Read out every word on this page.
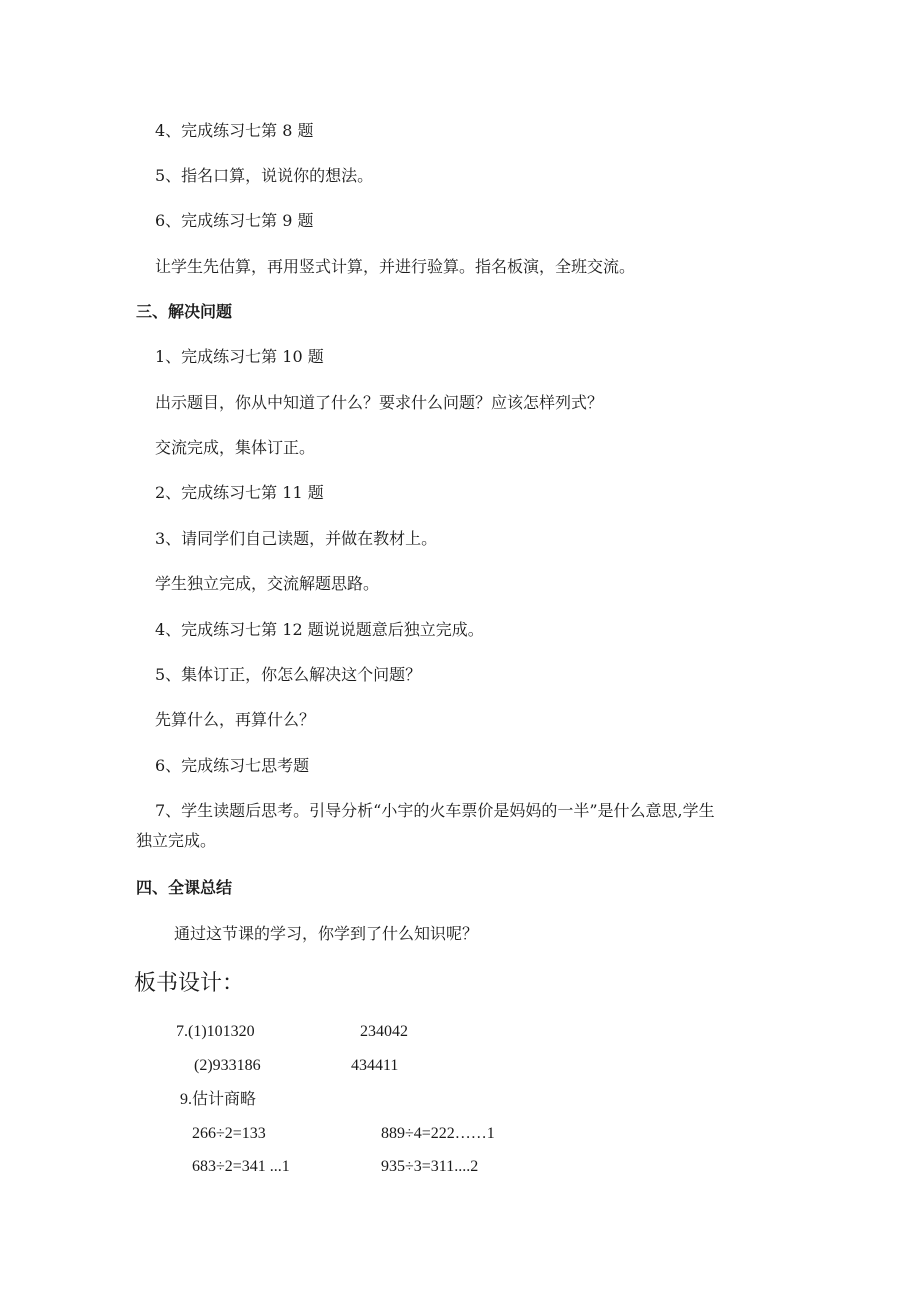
4、完成练习七第 8 题
5、指名口算，说说你的想法。
6、完成练习七第 9 题
让学生先估算，再用竖式计算，并进行验算。指名板演，全班交流。
三、解决问题
1、完成练习七第 10 题
出示题目，你从中知道了什么？要求什么问题？应该怎样列式？
交流完成，集体订正。
2、完成练习七第 11 题
3、请同学们自己读题，并做在教材上。
学生独立完成，交流解题思路。
4、完成练习七第 12 题说说题意后独立完成。
5、集体订正，你怎么解决这个问题？
先算什么，再算什么？
6、完成练习七思考题
7、学生读题后思考。引导分析“小宇的火车票价是妈妈的一半”是什么意思,学生
独立完成。
四、全课总结
通过这节课的学习，你学到了什么知识呢？
板书设计：
7.(1)101320	234042
(2)933186	434411
9.估计商略
266÷2=133	889÷4=222……1
683÷2=341 ...1	935÷3=311....2
